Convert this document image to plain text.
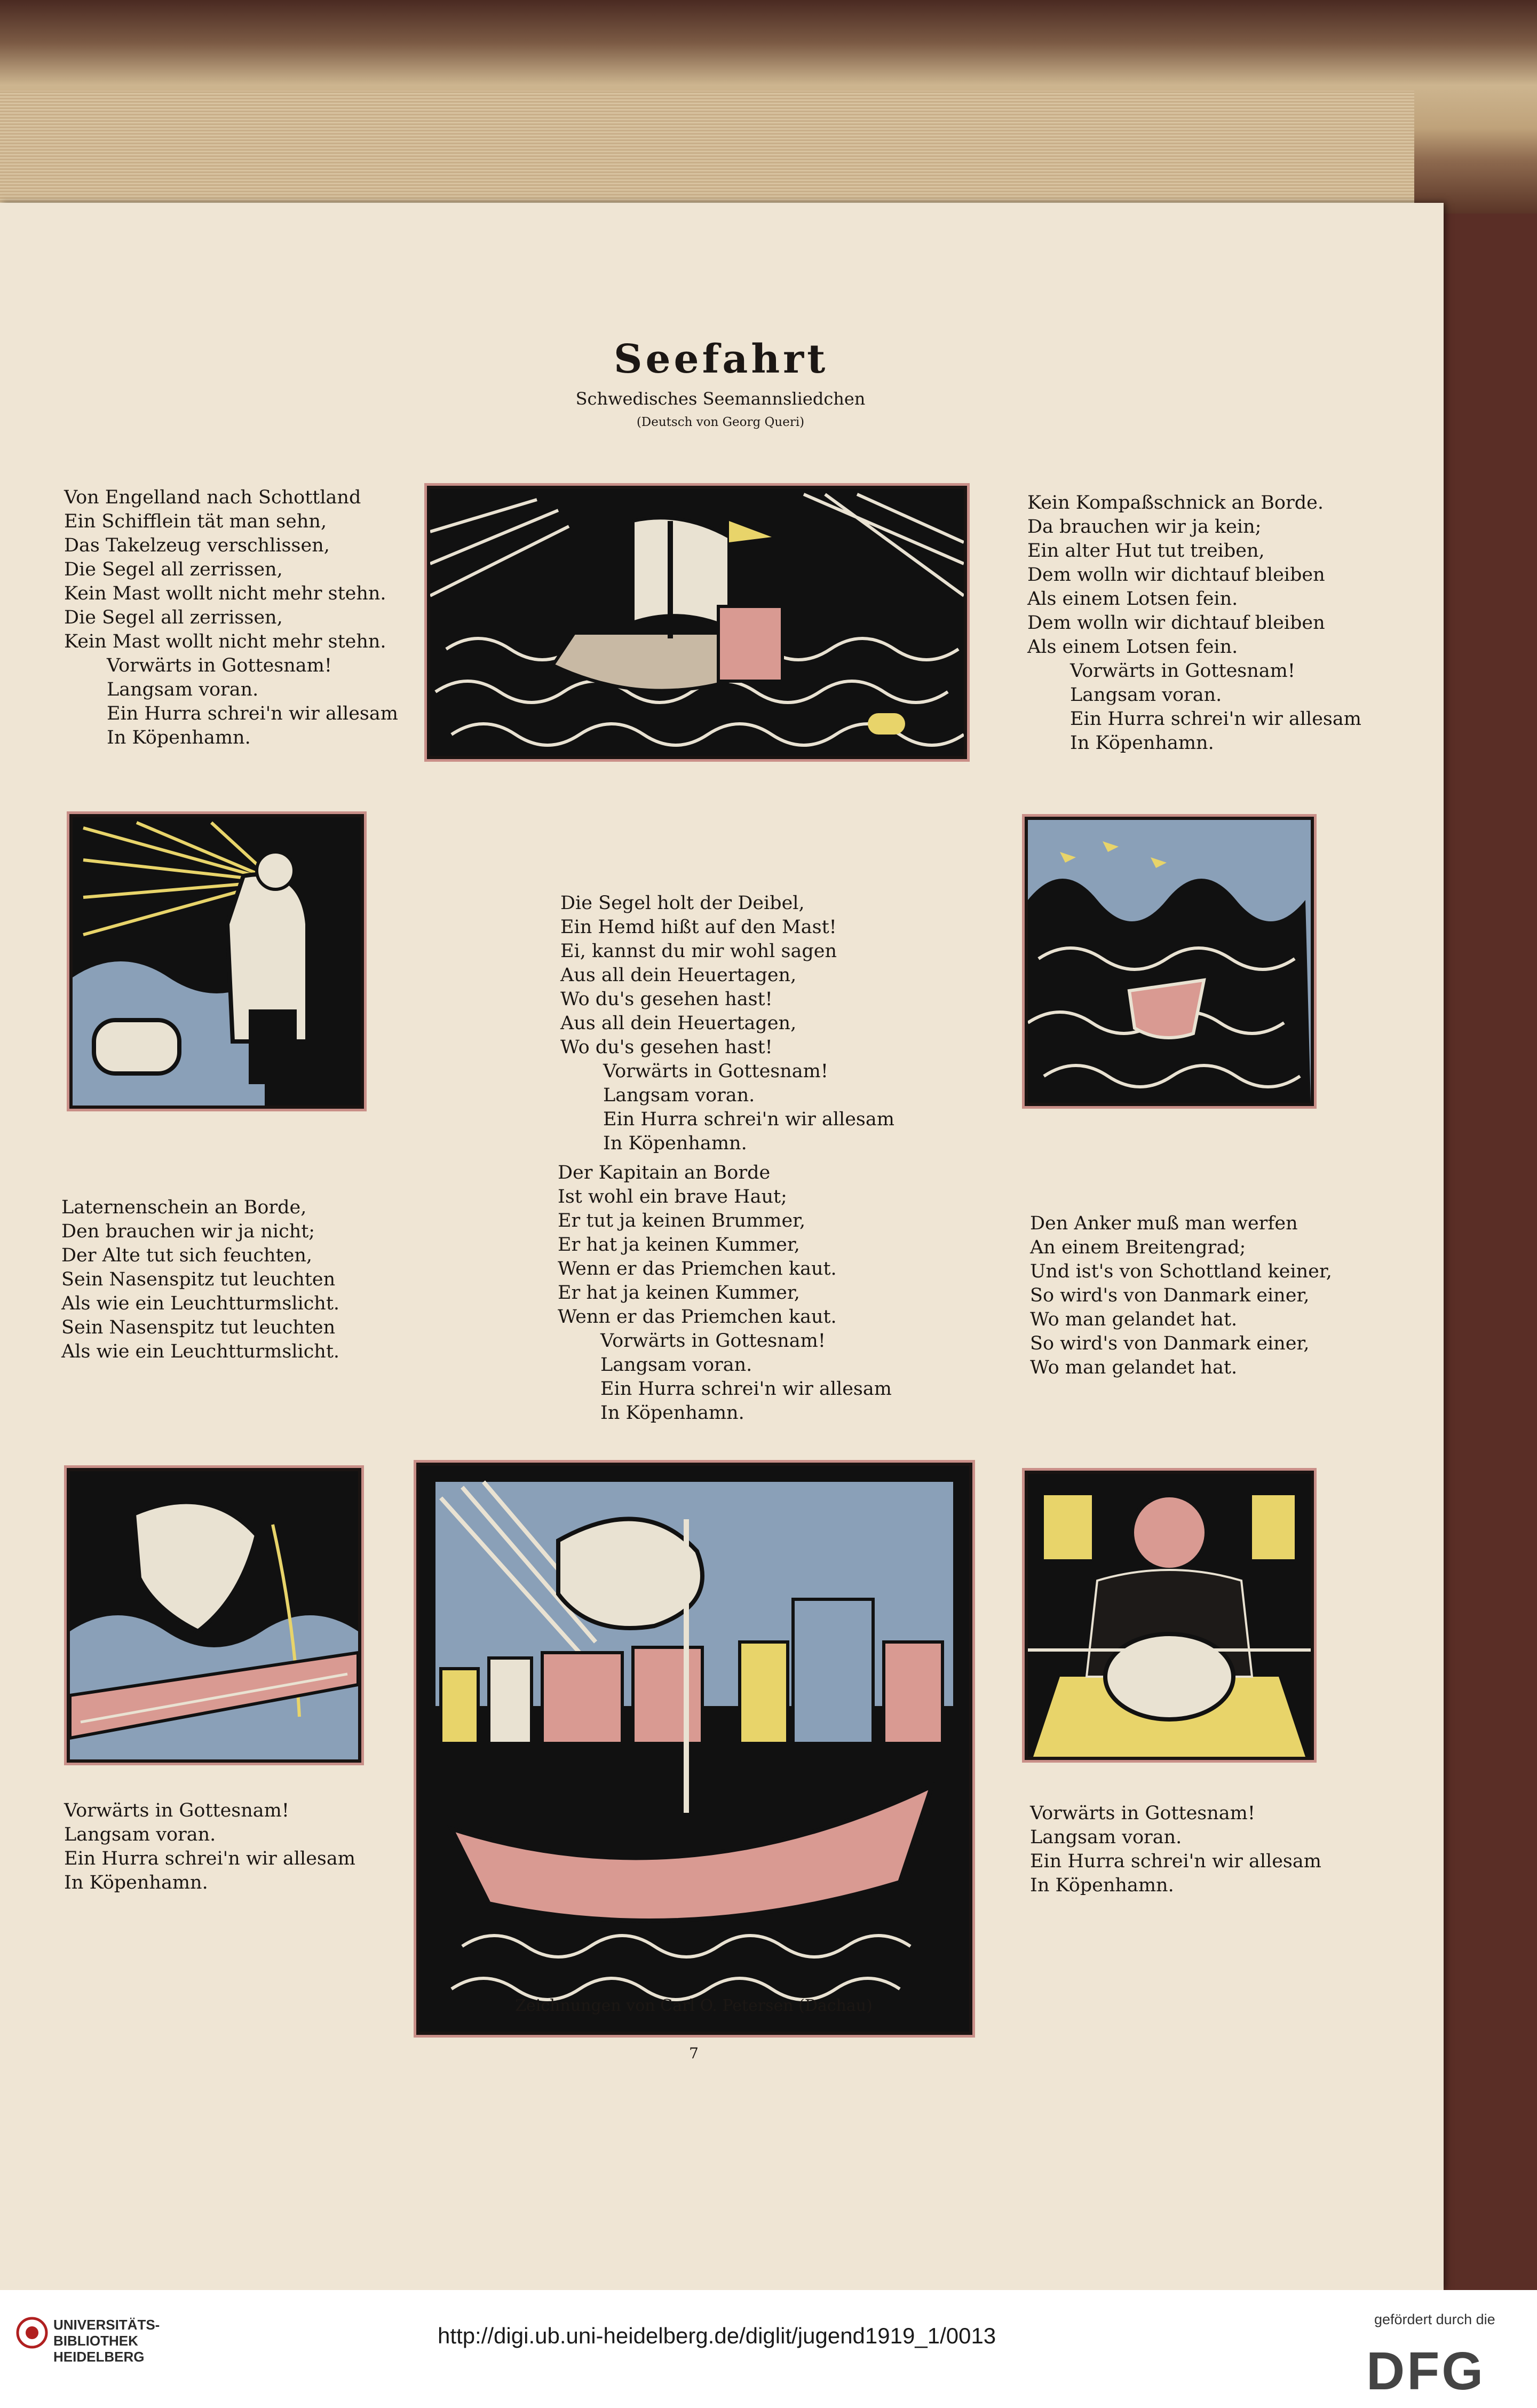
Seefahrt
Schwedisches Seemannsliedchen
(Deutsch von Georg Queri)
Von Engelland nach Schottland
Ein Schifflein tät man sehn,
Das Takelzeug verschlissen,
Die Segel all zerrissen,
Kein Mast wollt nicht mehr stehn.
Die Segel all zerrissen,
Kein Mast wollt nicht mehr stehn.
Vorwärts in Gottesnam!
Langsam voran.
Ein Hurra schrei'n wir allesam
In Köpenhamn.
Kein Kompaßschnick an Borde.
Da brauchen wir ja kein;
Ein alter Hut tut treiben,
Dem wolln wir dichtauf bleiben
Als einem Lotsen fein.
Dem wolln wir dichtauf bleiben
Als einem Lotsen fein.
Vorwärts in Gottesnam!
Langsam voran.
Ein Hurra schrei'n wir allesam
In Köpenhamn.
Die Segel holt der Deibel,
Ein Hemd hißt auf den Mast!
Ei, kannst du mir wohl sagen
Aus all dein Heuertagen,
Wo du's gesehen hast!
Aus all dein Heuertagen,
Wo du's gesehen hast!
Vorwärts in Gottesnam!
Langsam voran.
Ein Hurra schrei'n wir allesam
In Köpenhamn.
Laternenschein an Borde,
Den brauchen wir ja nicht;
Der Alte tut sich feuchten,
Sein Nasenspitz tut leuchten
Als wie ein Leuchtturmslicht.
Sein Nasenspitz tut leuchten
Als wie ein Leuchtturmslicht.
Der Kapitain an Borde
Ist wohl ein brave Haut;
Er tut ja keinen Brummer,
Er hat ja keinen Kummer,
Wenn er das Priemchen kaut.
Er hat ja keinen Kummer,
Wenn er das Priemchen kaut.
Vorwärts in Gottesnam!
Langsam voran.
Ein Hurra schrei'n wir allesam
In Köpenhamn.
Den Anker muß man werfen
An einem Breitengrad;
Und ist's von Schottland keiner,
So wird's von Danmark einer,
Wo man gelandet hat.
So wird's von Danmark einer,
Wo man gelandet hat.
Vorwärts in Gottesnam!
Langsam voran.
Ein Hurra schrei'n wir allesam
In Köpenhamn.
Vorwärts in Gottesnam!
Langsam voran.
Ein Hurra schrei'n wir allesam
In Köpenhamn.
Zeichnungen von Carl O. Petersen (Dachau)
7
UNIVERSITÄTS-
BIBLIOTHEK
HEIDELBERG
http://digi.ub.uni-heidelberg.de/diglit/jugend1919_1/0013
gefördert durch die
DFG
